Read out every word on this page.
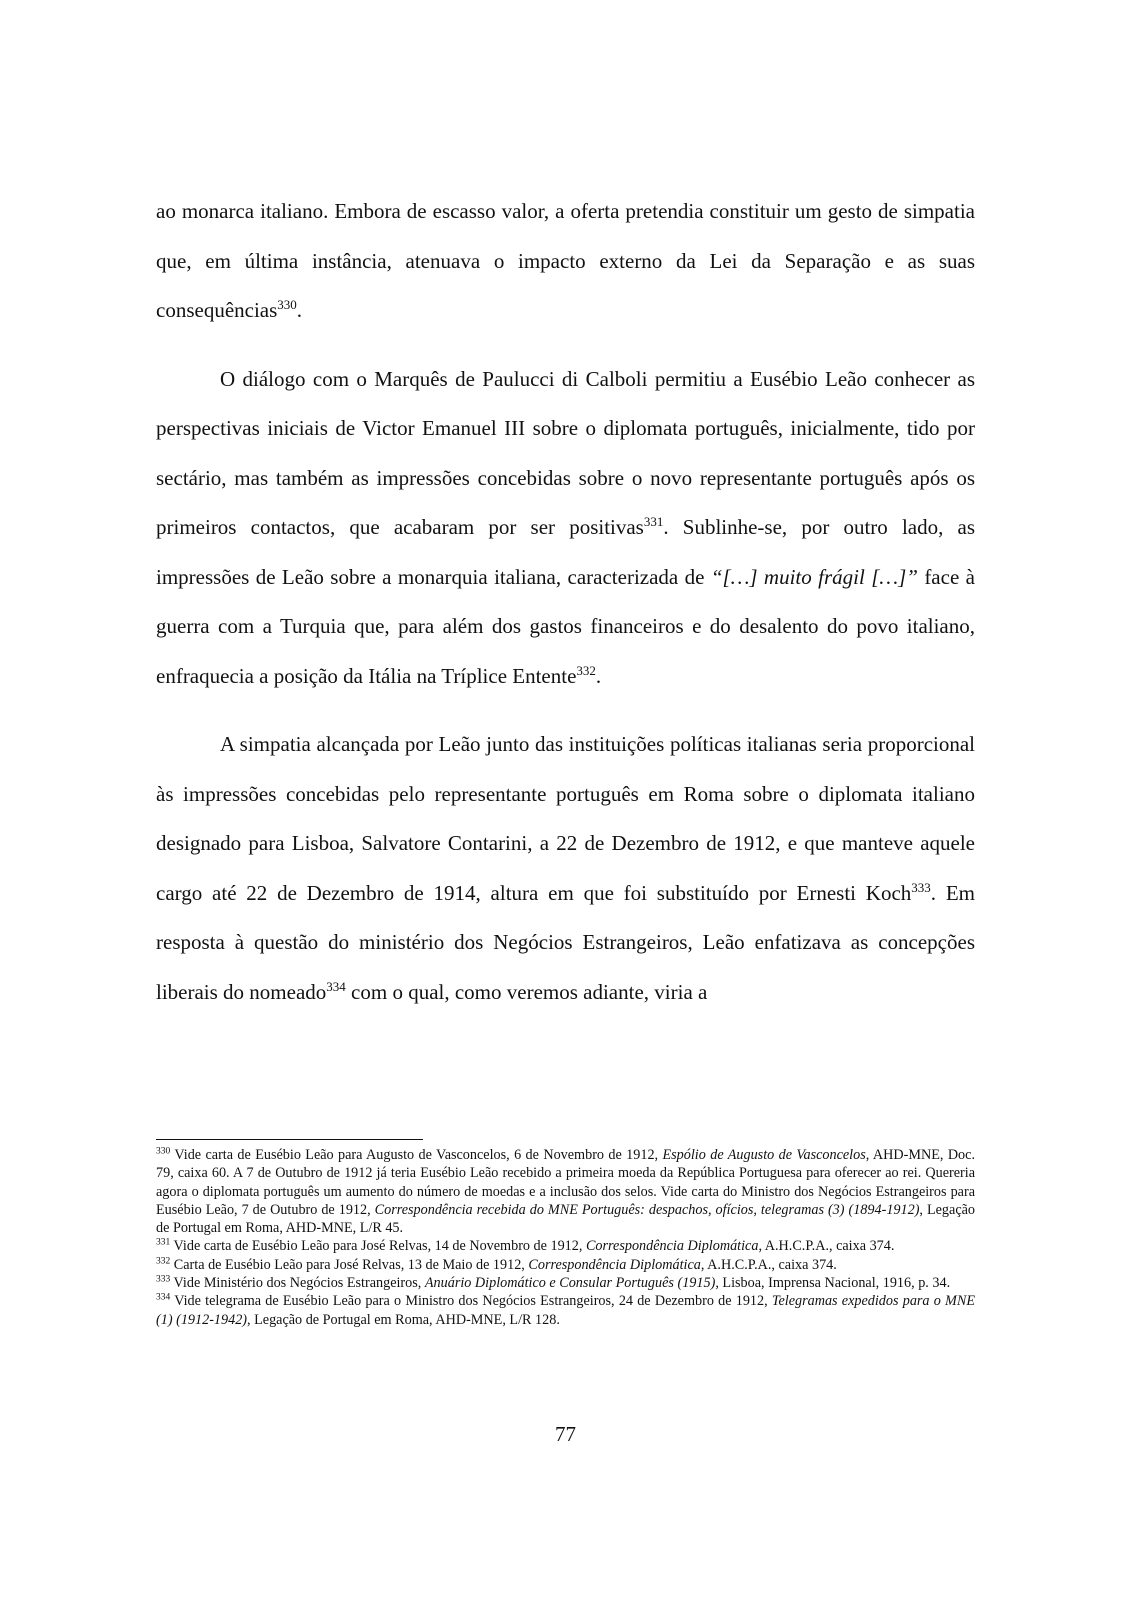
ao monarca italiano. Embora de escasso valor, a oferta pretendia constituir um gesto de simpatia que, em última instância, atenuava o impacto externo da Lei da Separação e as suas consequências$^{330}$.

O diálogo com o Marquês de Paulucci di Calboli permitiu a Eusébio Leão conhecer as perspectivas iniciais de Victor Emanuel III sobre o diplomata português, inicialmente, tido por sectário, mas também as impressões concebidas sobre o novo representante português após os primeiros contactos, que acabaram por ser positivas$^{331}$. Sublinhe-se, por outro lado, as impressões de Leão sobre a monarquia italiana, caracterizada de “[…] muito frágil […]” face à guerra com a Turquia que, para além dos gastos financeiros e do desalento do povo italiano, enfraquecia a posição da Itália na Tríplice Entente$^{332}$.

A simpatia alcançada por Leão junto das instituições políticas italianas seria proporcional às impressões concebidas pelo representante português em Roma sobre o diplomata italiano designado para Lisboa, Salvatore Contarini, a 22 de Dezembro de 1912, e que manteve aquele cargo até 22 de Dezembro de 1914, altura em que foi substituído por Ernesti Koch$^{333}$. Em resposta à questão do ministério dos Negócios Estrangeiros, Leão enfatizava as concepções liberais do nomeado$^{334}$ com o qual, como veremos adiante, viria a

$^{330}$ Vide carta de Eusébio Leão para Augusto de Vasconcelos, 6 de Novembro de 1912, Espólio de Augusto de Vasconcelos, AHD-MNE, Doc. 79, caixa 60. A 7 de Outubro de 1912 já teria Eusébio Leão recebido a primeira moeda da República Portuguesa para oferecer ao rei. Quereria agora o diplomata português um aumento do número de moedas e a inclusão dos selos. Vide carta do Ministro dos Negócios Estrangeiros para Eusébio Leão, 7 de Outubro de 1912, Correspondência recebida do MNE Português: despachos, ofícios, telegramas (3) (1894-1912), Legação de Portugal em Roma, AHD-MNE, L/R 45.

$^{331}$ Vide carta de Eusébio Leão para José Relvas, 14 de Novembro de 1912, Correspondência Diplomática, A.H.C.P.A., caixa 374.

$^{332}$ Carta de Eusébio Leão para José Relvas, 13 de Maio de 1912, Correspondência Diplomática, A.H.C.P.A., caixa 374.

$^{333}$ Vide Ministério dos Negócios Estrangeiros, Anuário Diplomático e Consular Português (1915), Lisboa, Imprensa Nacional, 1916, p. 34.

$^{334}$ Vide telegrama de Eusébio Leão para o Ministro dos Negócios Estrangeiros, 24 de Dezembro de 1912, Telegramas expedidos para o MNE (1) (1912-1942), Legação de Portugal em Roma, AHD-MNE, L/R 128.

77
